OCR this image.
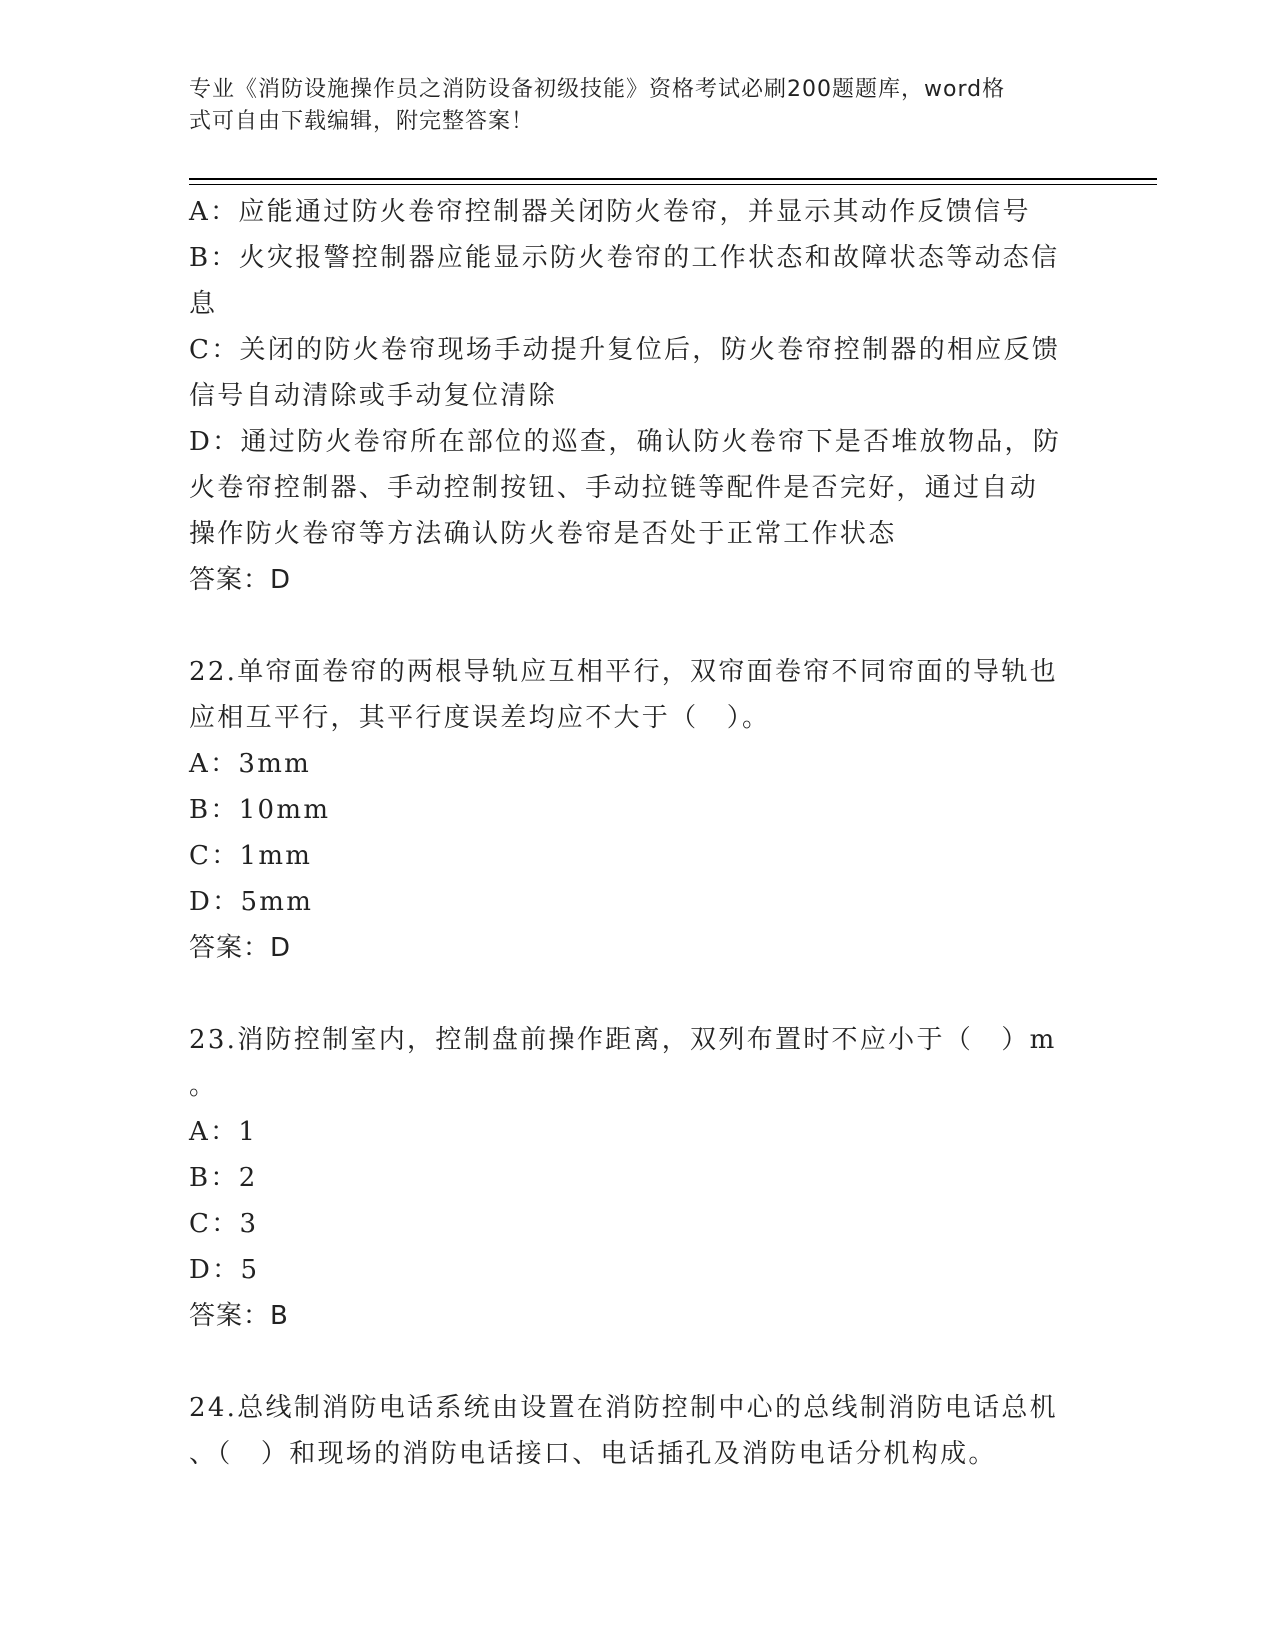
专业《消防设施操作员之消防设备初级技能》资格考试必刷200题题库，word格
式可自由下载编辑，附完整答案！
A：应能通过防火卷帘控制器关闭防火卷帘，并显示其动作反馈信号
B：火灾报警控制器应能显示防火卷帘的工作状态和故障状态等动态信
息
C：关闭的防火卷帘现场手动提升复位后，防火卷帘控制器的相应反馈
信号自动清除或手动复位清除
D：通过防火卷帘所在部位的巡查，确认防火卷帘下是否堆放物品，防
火卷帘控制器、手动控制按钮、手动拉链等配件是否完好，通过自动
操作防火卷帘等方法确认防火卷帘是否处于正常工作状态
答案：D
22.单帘面卷帘的两根导轨应互相平行，双帘面卷帘不同帘面的导轨也
应相互平行，其平行度误差均应不大于（　）。
A：3mm
B：10mm
C：1mm
D：5mm
答案：D
23.消防控制室内，控制盘前操作距离，双列布置时不应小于（　）m
。
A：1
B：2
C：3
D：5
答案：B
24.总线制消防电话系统由设置在消防控制中心的总线制消防电话总机
、（　）和现场的消防电话接口、电话插孔及消防电话分机构成。
